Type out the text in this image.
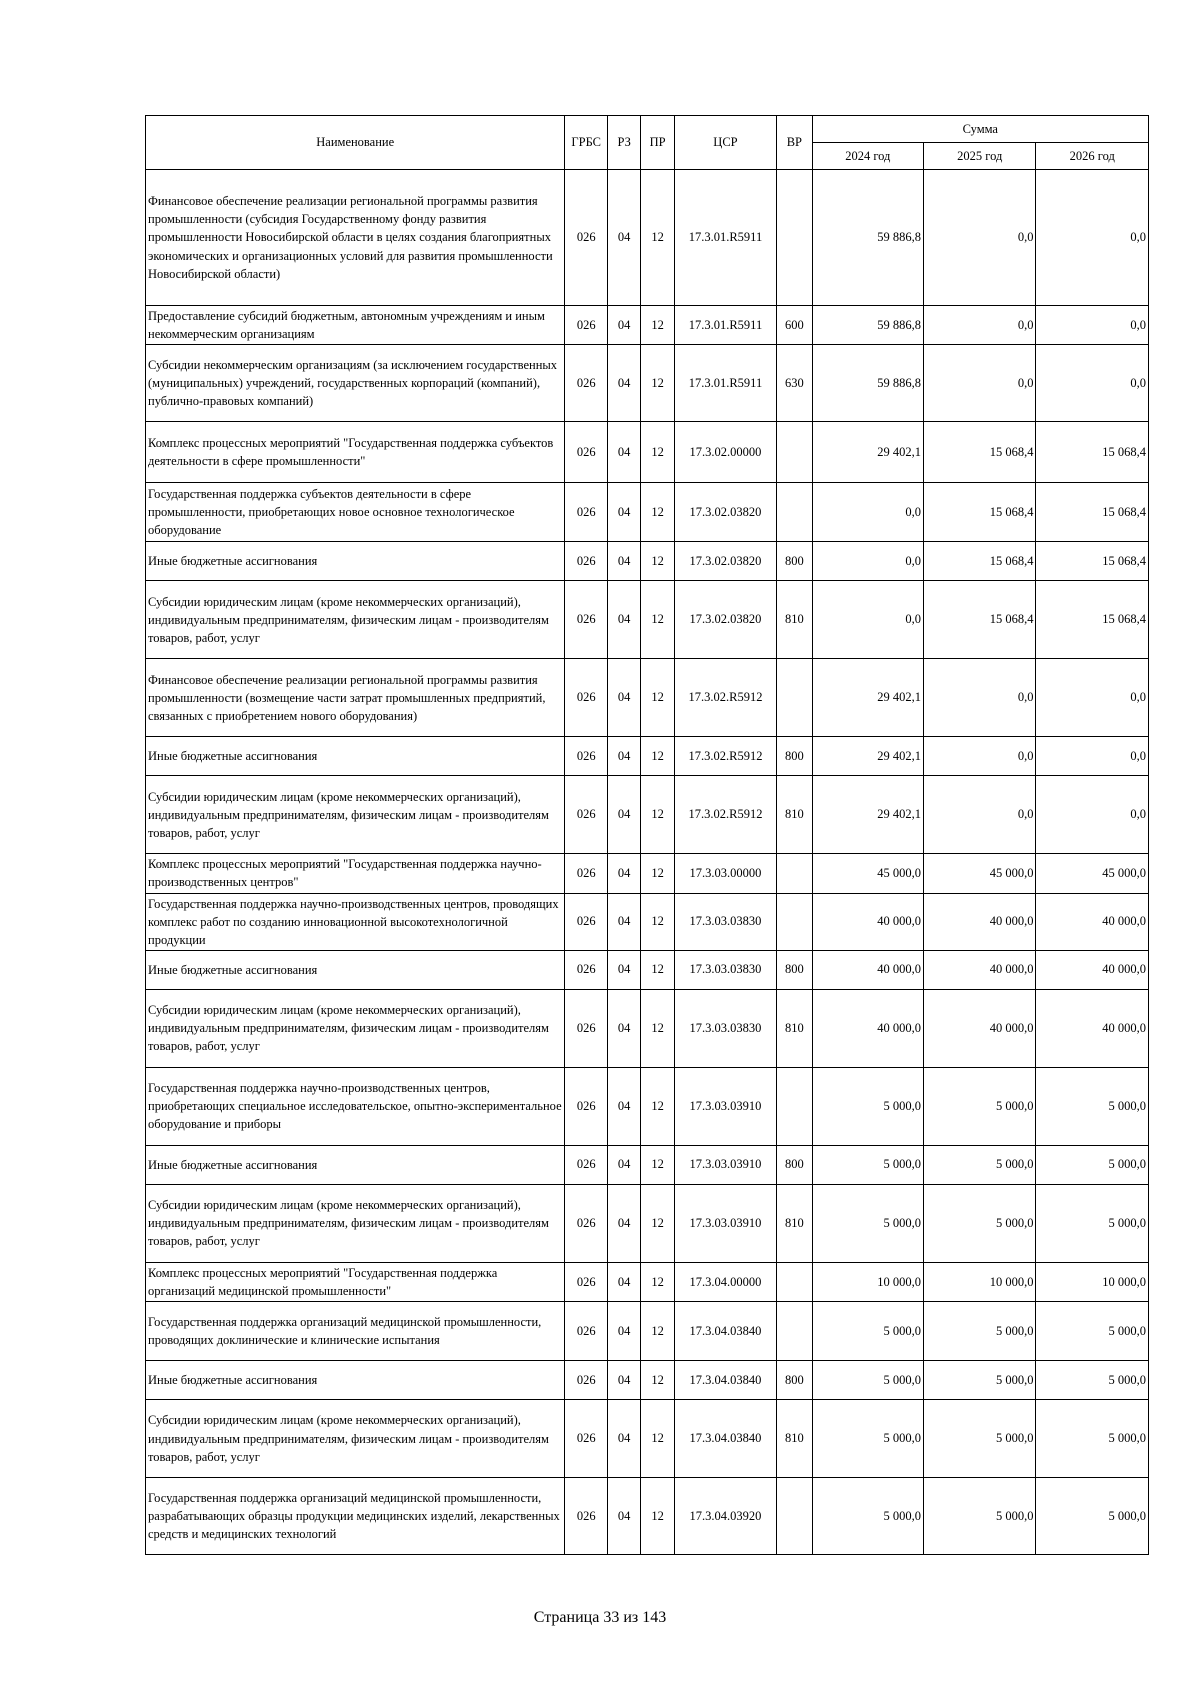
Наименование	ГРБС	РЗ	ПР	ЦСР	ВР	Сумма		
						2024 год	2025 год	2026 год
Финансовое обеспечение реализации региональной программы развития промышленности (субсидия Государственному фонду развития промышленности Новосибирской области в целях создания благоприятных экономических и организационных условий для развития промышленности Новосибирской области)	026	04	12	17.3.01.R5911		59 886,8	0,0	0,0
Предоставление субсидий бюджетным, автономным учреждениям и иным некоммерческим организациям	026	04	12	17.3.01.R5911	600	59 886,8	0,0	0,0
Субсидии некоммерческим организациям (за исключением государственных (муниципальных) учреждений, государственных корпораций (компаний), публично-правовых компаний)	026	04	12	17.3.01.R5911	630	59 886,8	0,0	0,0
Комплекс процессных мероприятий "Государственная поддержка субъектов деятельности в сфере промышленности"	026	04	12	17.3.02.00000		29 402,1	15 068,4	15 068,4
Государственная поддержка субъектов деятельности в сфере промышленности, приобретающих новое основное технологическое оборудование	026	04	12	17.3.02.03820		0,0	15 068,4	15 068,4
Иные бюджетные ассигнования	026	04	12	17.3.02.03820	800	0,0	15 068,4	15 068,4
Субсидии юридическим лицам (кроме некоммерческих организаций), индивидуальным предпринимателям, физическим лицам - производителям товаров, работ, услуг	026	04	12	17.3.02.03820	810	0,0	15 068,4	15 068,4
Финансовое обеспечение реализации региональной программы развития промышленности (возмещение части затрат промышленных предприятий, связанных с приобретением нового оборудования)	026	04	12	17.3.02.R5912		29 402,1	0,0	0,0
Иные бюджетные ассигнования	026	04	12	17.3.02.R5912	800	29 402,1	0,0	0,0
Субсидии юридическим лицам (кроме некоммерческих организаций), индивидуальным предпринимателям, физическим лицам - производителям товаров, работ, услуг	026	04	12	17.3.02.R5912	810	29 402,1	0,0	0,0
Комплекс процессных мероприятий "Государственная поддержка научно-производственных центров"	026	04	12	17.3.03.00000		45 000,0	45 000,0	45 000,0
Государственная поддержка научно-производственных центров, проводящих комплекс работ по созданию инновационной высокотехнологичной продукции	026	04	12	17.3.03.03830		40 000,0	40 000,0	40 000,0
Иные бюджетные ассигнования	026	04	12	17.3.03.03830	800	40 000,0	40 000,0	40 000,0
Субсидии юридическим лицам (кроме некоммерческих организаций), индивидуальным предпринимателям, физическим лицам - производителям товаров, работ, услуг	026	04	12	17.3.03.03830	810	40 000,0	40 000,0	40 000,0
Государственная поддержка научно-производственных центров, приобретающих специальное исследовательское, опытно-экспериментальное оборудование и приборы	026	04	12	17.3.03.03910		5 000,0	5 000,0	5 000,0
Иные бюджетные ассигнования	026	04	12	17.3.03.03910	800	5 000,0	5 000,0	5 000,0
Субсидии юридическим лицам (кроме некоммерческих организаций), индивидуальным предпринимателям, физическим лицам - производителям товаров, работ, услуг	026	04	12	17.3.03.03910	810	5 000,0	5 000,0	5 000,0
Комплекс процессных мероприятий "Государственная поддержка организаций медицинской промышленности"	026	04	12	17.3.04.00000		10 000,0	10 000,0	10 000,0
Государственная поддержка организаций медицинской промышленности, проводящих доклинические и клинические испытания	026	04	12	17.3.04.03840		5 000,0	5 000,0	5 000,0
Иные бюджетные ассигнования	026	04	12	17.3.04.03840	800	5 000,0	5 000,0	5 000,0
Субсидии юридическим лицам (кроме некоммерческих организаций), индивидуальным предпринимателям, физическим лицам - производителям товаров, работ, услуг	026	04	12	17.3.04.03840	810	5 000,0	5 000,0	5 000,0
Государственная поддержка организаций медицинской промышленности, разрабатывающих образцы продукции медицинских изделий, лекарственных средств и медицинских технологий	026	04	12	17.3.04.03920		5 000,0	5 000,0	5 000,0
Страница 33 из 143
